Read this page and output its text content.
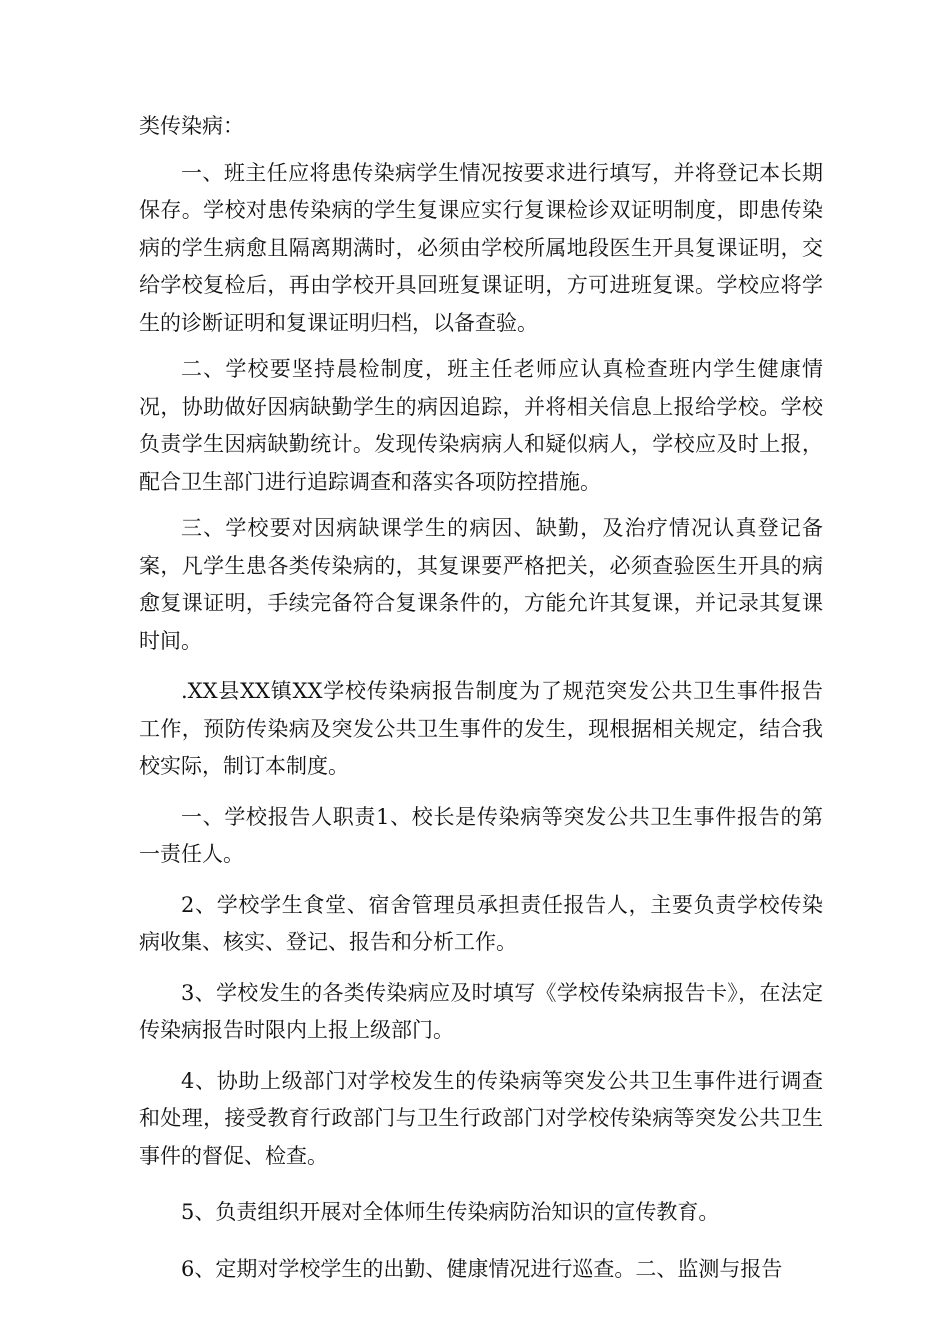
类传染病：

一、班主任应将患传染病学生情况按要求进行填写，并将登记本长期保存。学校对患传染病的学生复课应实行复课检诊双证明制度，即患传染病的学生病愈且隔离期满时，必须由学校所属地段医生开具复课证明，交给学校复检后，再由学校开具回班复课证明，方可进班复课。学校应将学生的诊断证明和复课证明归档，以备查验。

二、学校要坚持晨检制度，班主任老师应认真检查班内学生健康情况，协助做好因病缺勤学生的病因追踪，并将相关信息上报给学校。学校负责学生因病缺勤统计。发现传染病病人和疑似病人，学校应及时上报，配合卫生部门进行追踪调查和落实各项防控措施。

三、学校要对因病缺课学生的病因、缺勤，及治疗情况认真登记备案，凡学生患各类传染病的，其复课要严格把关，必须查验医生开具的病愈复课证明，手续完备符合复课条件的，方能允许其复课，并记录其复课时间。

.XX县XX镇XX学校传染病报告制度为了规范突发公共卫生事件报告工作，预防传染病及突发公共卫生事件的发生，现根据相关规定，结合我校实际，制订本制度。

一、学校报告人职责1、校长是传染病等突发公共卫生事件报告的第一责任人。

2、学校学生食堂、宿舍管理员承担责任报告人，主要负责学校传染病收集、核实、登记、报告和分析工作。

3、学校发生的各类传染病应及时填写《学校传染病报告卡》，在法定传染病报告时限内上报上级部门。

4、协助上级部门对学校发生的传染病等突发公共卫生事件进行调查和处理，接受教育行政部门与卫生行政部门对学校传染病等突发公共卫生事件的督促、检查。

5、负责组织开展对全体师生传染病防治知识的宣传教育。

6、定期对学校学生的出勤、健康情况进行巡查。二、监测与报告
